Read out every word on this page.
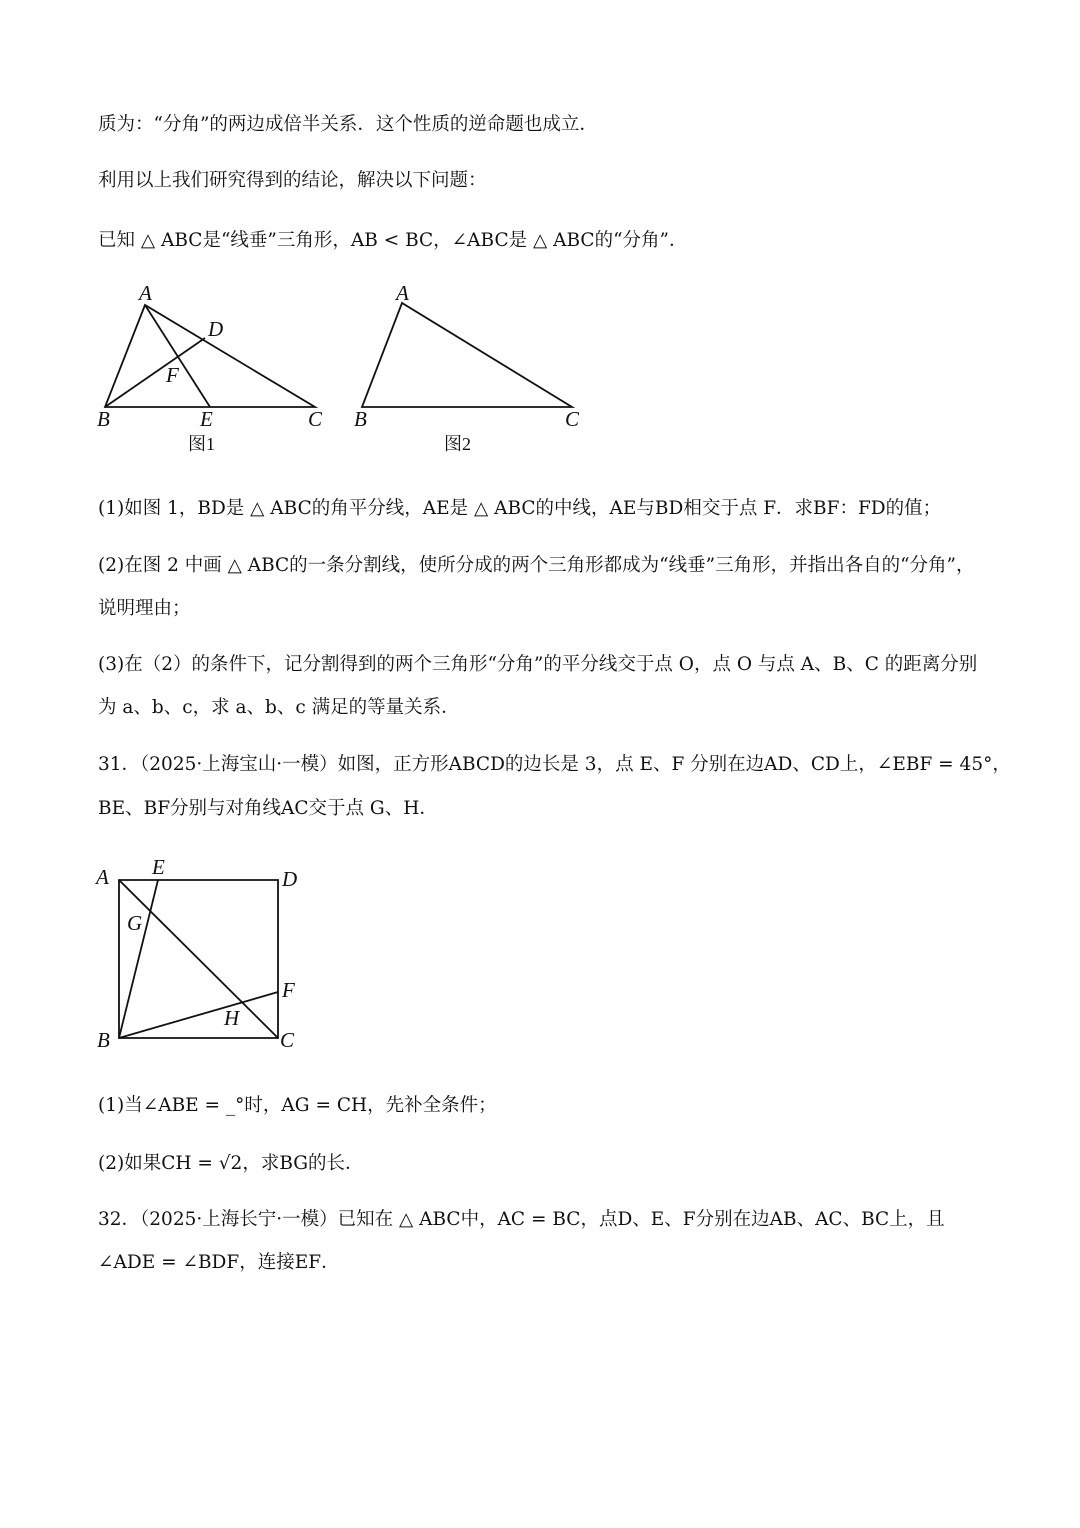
质为：“分角”的两边成倍半关系．这个性质的逆命题也成立．
利用以上我们研究得到的结论，解决以下问题：
已知 △ ABC是“线垂”三角形，AB < BC，∠ABC是 △ ABC的“分角”．
A
D
F
B	E	C
图1
A
B	C
图2
(1)如图 1，BD是 △ ABC的角平分线，AE是 △ ABC的中线，AE与BD相交于点 F．求BF：FD的值；
(2)在图 2 中画 △ ABC的一条分割线，使所分成的两个三角形都成为“线垂”三角形，并指出各自的“分角”，
说明理由；
(3)在（2）的条件下，记分割得到的两个三角形“分角”的平分线交于点 O，点 O 与点 A、B、C 的距离分别
为 a、b、c，求 a、b、c 满足的等量关系．
31．（2025·上海宝山·一模）如图，正方形ABCD的边长是 3，点 E、F 分别在边AD、CD上，∠EBF = 45°，
BE、BF分别与对角线AC交于点 G、H．
A E	D
G
F
H
B	C
(1)当∠ABE = _°时，AG = CH，先补全条件；
(2)如果CH = √2，求BG的长．
32．（2025·上海长宁·一模）已知在 △ ABC中，AC = BC，点D、E、F分别在边AB、AC、BC上，且
∠ADE = ∠BDF，连接EF．
